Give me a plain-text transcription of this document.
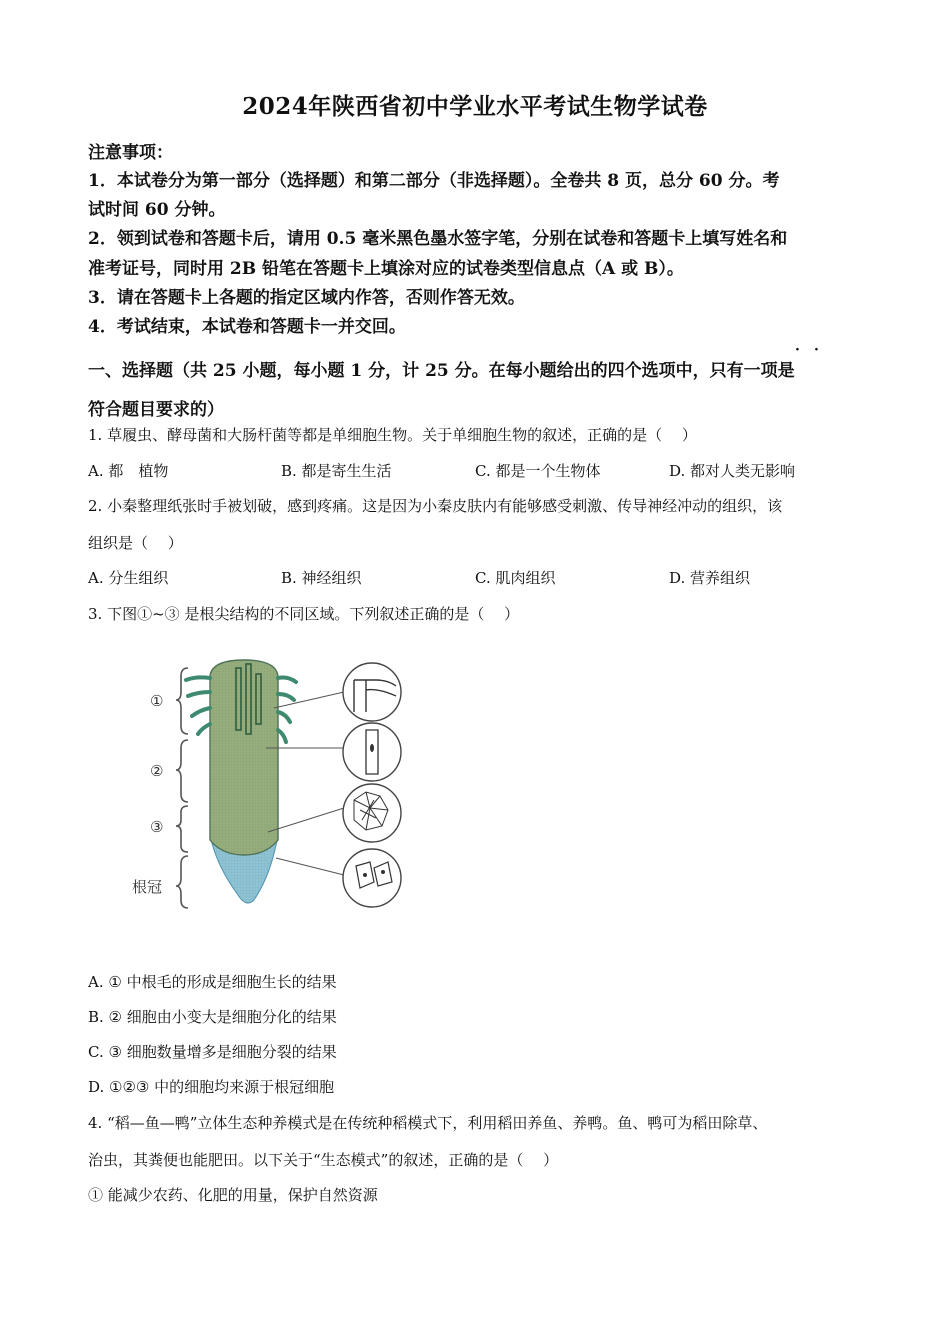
2024年陕西省初中学业水平考试生物学试卷
注意事项：
1．本试卷分为第一部分（选择题）和第二部分（非选择题）。全卷共 8 页，总分 60 分。考
试时间 60 分钟。
2．领到试卷和答题卡后，请用 0.5 毫米黑色墨水签字笔，分别在试卷和答题卡上填写姓名和
准考证号，同时用 2B 铅笔在答题卡上填涂对应的试卷类型信息点（A 或 B）。
3．请在答题卡上各题的指定区域内作答，否则作答无效。
4．考试结束，本试卷和答题卡一并交回。
· ·
一、选择题（共 25 小题，每小题 1 分，计 25 分。在每小题给出的四个选项中，只有一项是
符合题目要求的）
1. 草履虫、酵母菌和大肠杆菌等都是单细胞生物。关于单细胞生物的叙述，正确的是（　 ）
A. 都　植物	B. 都是寄生生活	C. 都是一个生物体	D. 都对人类无影响
2. 小秦整理纸张时手被划破，感到疼痛。这是因为小秦皮肤内有能够感受刺激、传导神经冲动的组织，该
组织是（　 ）
A. 分生组织	B. 神经组织	C. 肌肉组织	D. 营养组织
3. 下图①~③ 是根尖结构的不同区域。下列叙述正确的是（　 ）
①
②
③
根冠
A. ① 中根毛的形成是细胞生长的结果
B. ② 细胞由小变大是细胞分化的结果
C. ③ 细胞数量增多是细胞分裂的结果
D. ①②③ 中的细胞均来源于根冠细胞
4. “稻—鱼—鸭”立体生态种养模式是在传统种稻模式下，利用稻田养鱼、养鸭。鱼、鸭可为稻田除草、
治虫，其粪便也能肥田。以下关于“生态模式”的叙述，正确的是（　 ）
① 能减少农药、化肥的用量，保护自然资源
